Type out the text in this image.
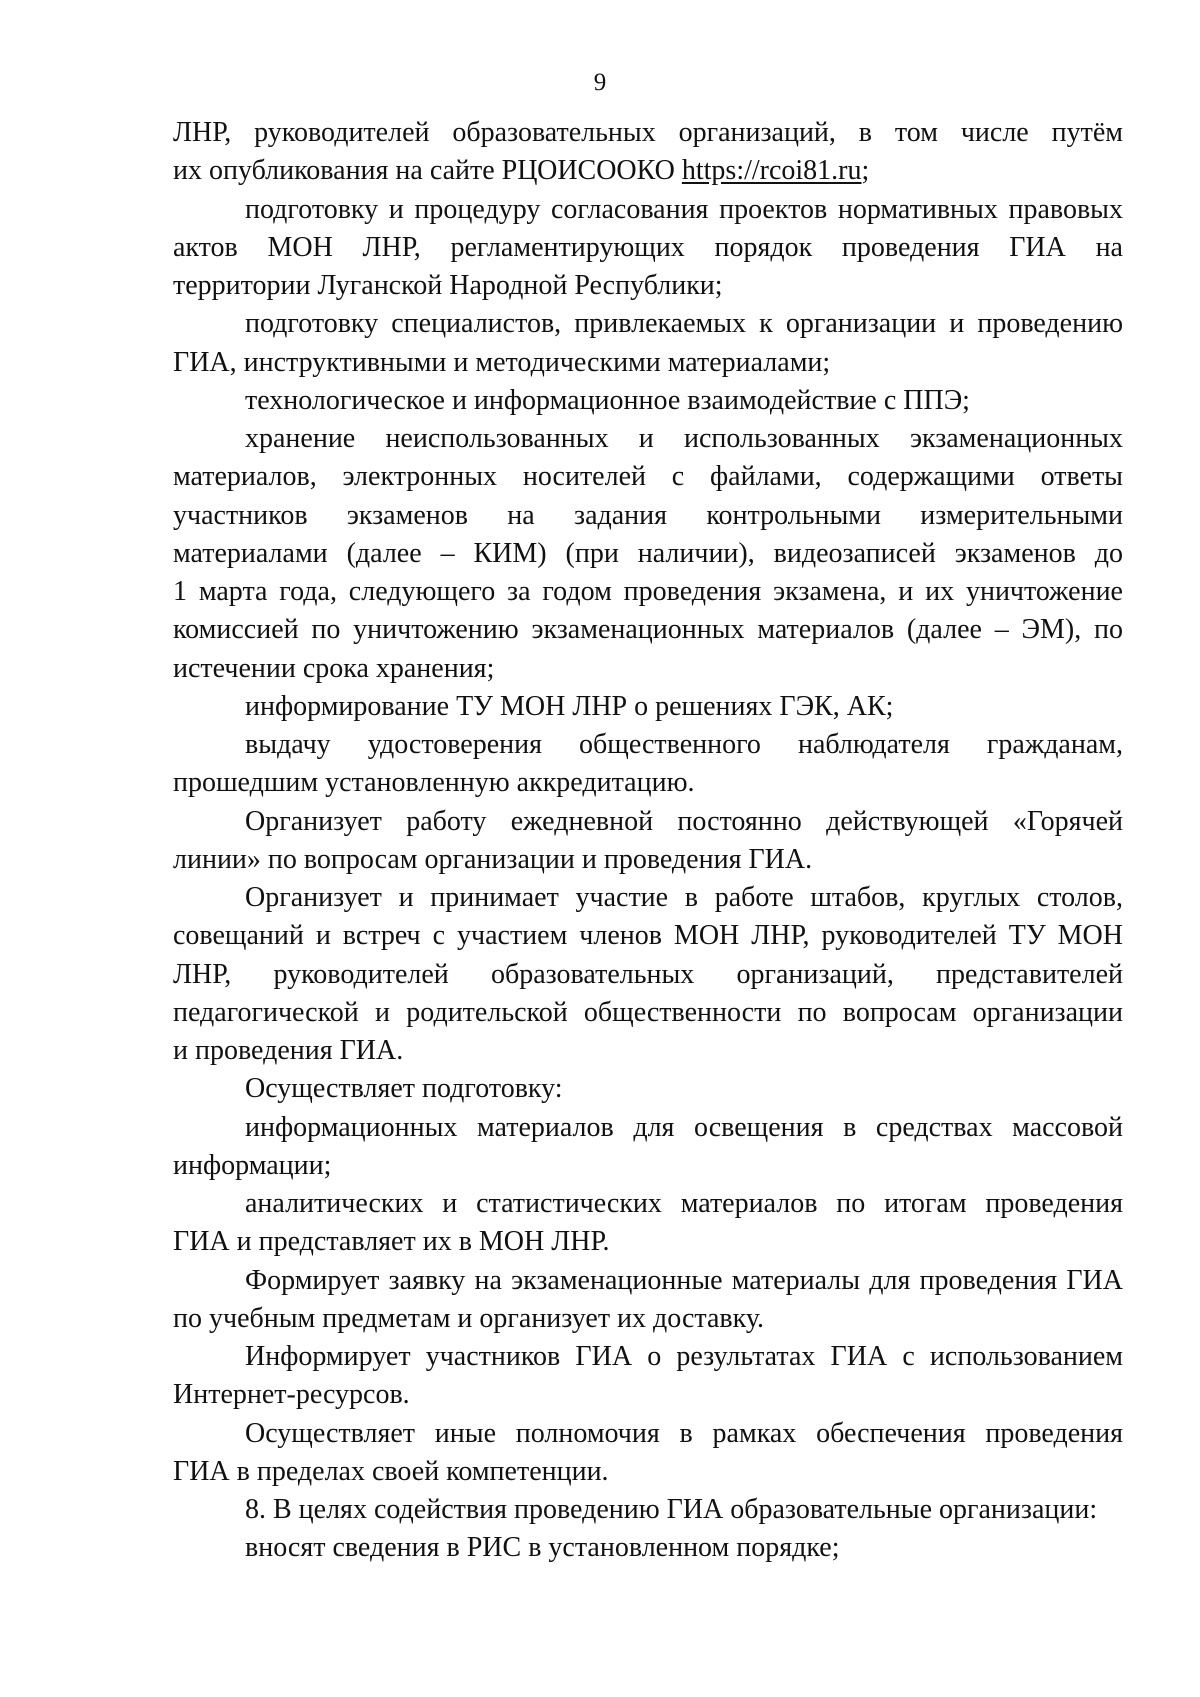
9
ЛНР, руководителей образовательных организаций, в том числе путём
их опубликования на сайте РЦОИСООКО https://rcoi81.ru;
подготовку и процедуру согласования проектов нормативных правовых
актов МОН ЛНР, регламентирующих порядок проведения ГИА на
территории Луганской Народной Республики;
подготовку специалистов, привлекаемых к организации и проведению
ГИА, инструктивными и методическими материалами;
технологическое и информационное взаимодействие с ППЭ;
хранение неиспользованных и использованных экзаменационных
материалов, электронных носителей с файлами, содержащими ответы
участников экзаменов на задания контрольными измерительными
материалами (далее – КИМ) (при наличии), видеозаписей экзаменов до
1 марта года, следующего за годом проведения экзамена, и их уничтожение
комиссией по уничтожению экзаменационных материалов (далее – ЭМ), по
истечении срока хранения;
информирование ТУ МОН ЛНР о решениях ГЭК, АК;
выдачу удостоверения общественного наблюдателя гражданам,
прошедшим установленную аккредитацию.
Организует работу ежедневной постоянно действующей «Горячей
линии» по вопросам организации и проведения ГИА.
Организует и принимает участие в работе штабов, круглых столов,
совещаний и встреч с участием членов МОН ЛНР, руководителей ТУ МОН
ЛНР, руководителей образовательных организаций, представителей
педагогической и родительской общественности по вопросам организации
и проведения ГИА.
Осуществляет подготовку:
информационных материалов для освещения в средствах массовой
информации;
аналитических и статистических материалов по итогам проведения
ГИА и представляет их в МОН ЛНР.
Формирует заявку на экзаменационные материалы для проведения ГИА
по учебным предметам и организует их доставку.
Информирует участников ГИА о результатах ГИА с использованием
Интернет-ресурсов.
Осуществляет иные полномочия в рамках обеспечения проведения
ГИА в пределах своей компетенции.
8. В целях содействия проведению ГИА образовательные организации:
вносят сведения в РИС в установленном порядке;
